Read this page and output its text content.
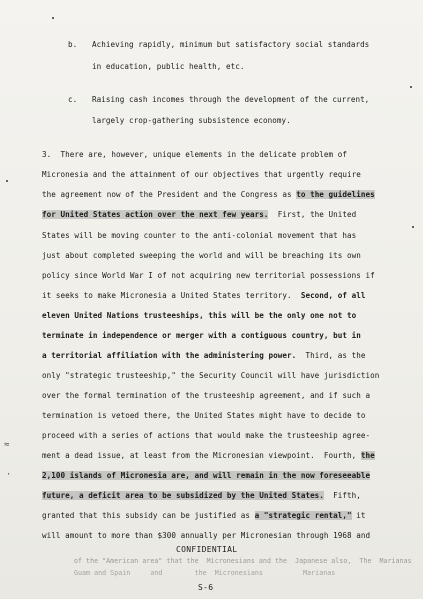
b. Achieving rapidly, minimum but satisfactory social standards
in education, public health, etc.
c. Raising cash incomes through the development of the current,
largely crop-gathering subsistence economy.
3.  There are, however, unique elements in the delicate problem of
Micronesia and the attainment of our objectives that urgently require
the agreement now of the President and the Congress as to the guidelines
for United States action over the next few years.  First, the United
States will be moving counter to the anti-colonial movement that has
just about completed sweeping the world and will be breaching its own
policy since World War I of not acquiring new territorial possessions if
it seeks to make Micronesia a United States territory.  Second, of all
eleven United Nations trusteeships, this will be the only one not to
terminate in independence or merger with a contiguous country, but in
a territorial affiliation with the administering power.  Third, as the
only "strategic trusteeship," the Security Council will have jurisdiction
over the formal termination of the trusteeship agreement, and if such a
termination is vetoed there, the United States might have to decide to
proceed with a series of actions that would make the trusteeship agree-
ment a dead issue, at least from the Micronesian viewpoint.  Fourth, the
2,100 islands of Micronesia are, and will remain in the now foreseeable
future, a deficit area to be subsidized by the United States.  Fifth,
granted that this subsidy can be justified as a "strategic rental," it
will amount to more than $300 annually per Micronesian through 1968 and
of the "American area" that the  Micronesians and the  Japanese also,  The  Marianas
Guam and Spain     and        the  Micronesians          Marianas
CONFIDENTIAL
S-6
≈
⋅
